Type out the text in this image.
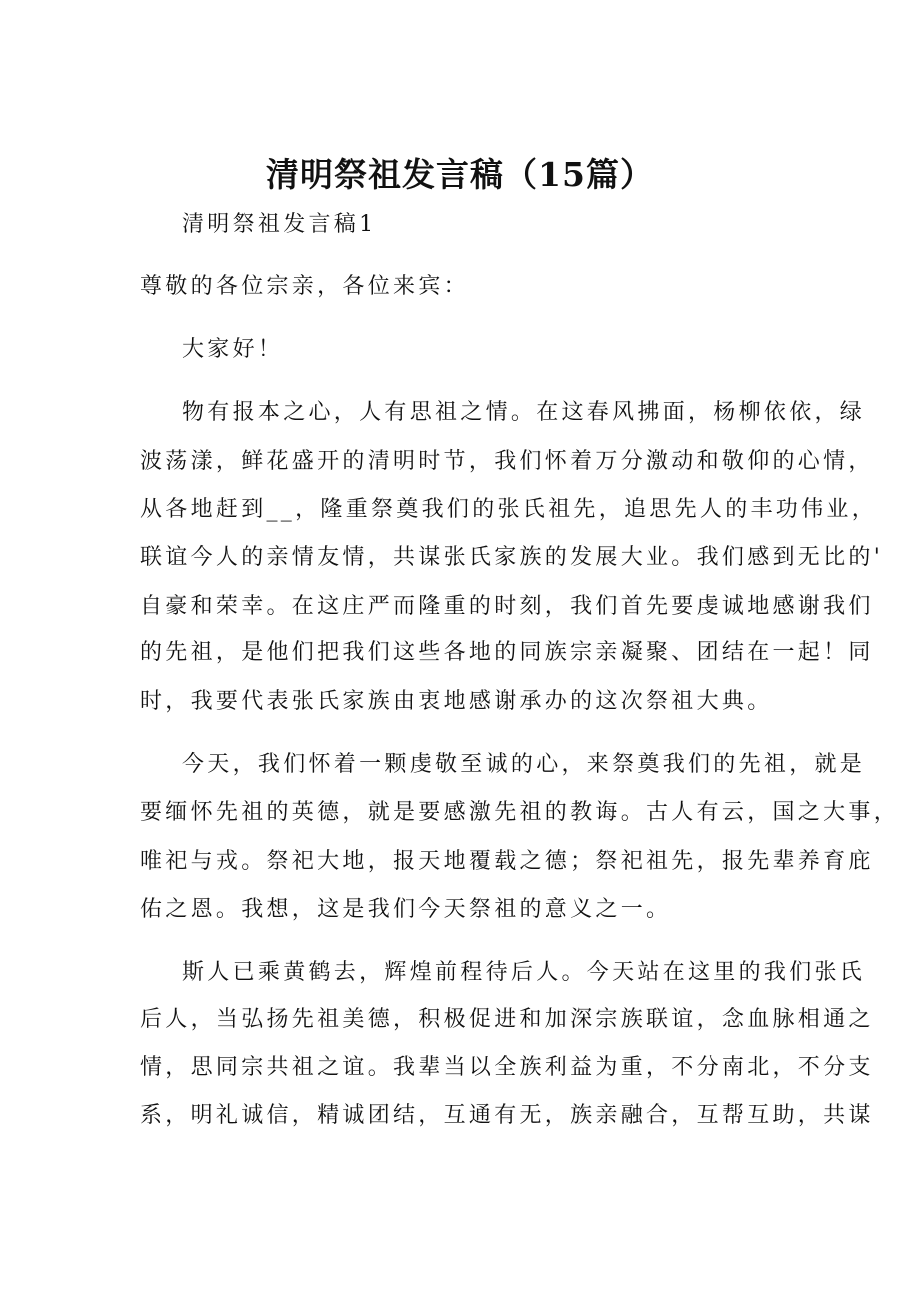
清明祭祖发言稿（15篇）
清明祭祖发言稿1
尊敬的各位宗亲，各位来宾：
大家好！
物有报本之心，人有思祖之情。在这春风拂面，杨柳依依，绿
波荡漾，鲜花盛开的清明时节，我们怀着万分激动和敬仰的心情，
从各地赶到__，隆重祭奠我们的张氏祖先，追思先人的丰功伟业，
联谊今人的亲情友情，共谋张氏家族的发展大业。我们感到无比的'
自豪和荣幸。在这庄严而隆重的时刻，我们首先要虔诚地感谢我们
的先祖，是他们把我们这些各地的同族宗亲凝聚、团结在一起！同
时，我要代表张氏家族由衷地感谢承办的这次祭祖大典。
今天，我们怀着一颗虔敬至诚的心，来祭奠我们的先祖，就是
要缅怀先祖的英德，就是要感激先祖的教诲。古人有云，国之大事，
唯祀与戎。祭祀大地，报天地覆载之德；祭祀祖先，报先辈养育庇
佑之恩。我想，这是我们今天祭祖的意义之一。
斯人已乘黄鹤去，辉煌前程待后人。今天站在这里的我们张氏
后人，当弘扬先祖美德，积极促进和加深宗族联谊，念血脉相通之
情，思同宗共祖之谊。我辈当以全族利益为重，不分南北，不分支
系，明礼诚信，精诚团结，互通有无，族亲融合，互帮互助，共谋
